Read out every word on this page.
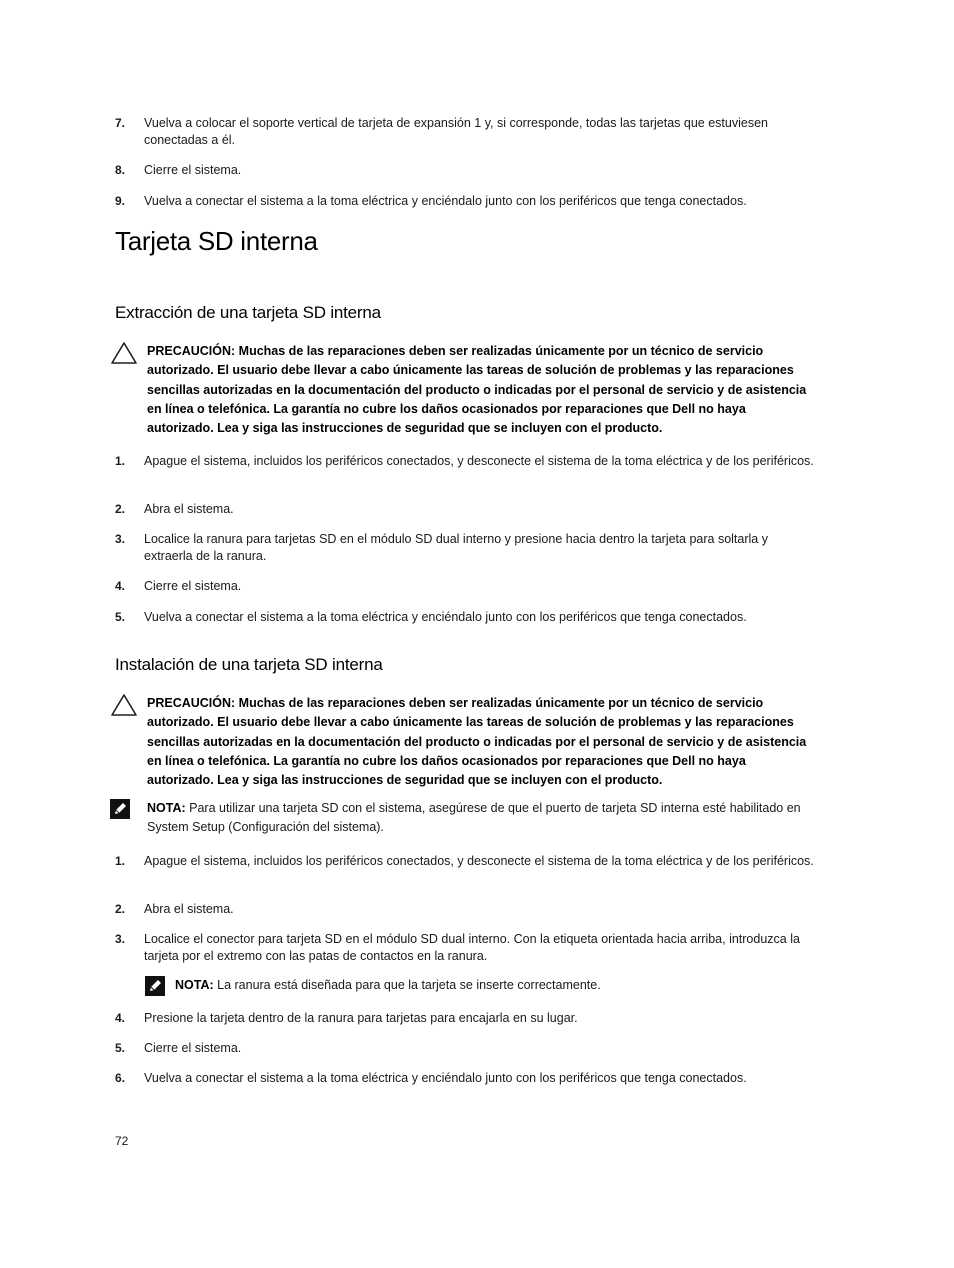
7. Vuelva a colocar el soporte vertical de tarjeta de expansión 1 y, si corresponde, todas las tarjetas que estuviesen conectadas a él.
8. Cierre el sistema.
9. Vuelva a conectar el sistema a la toma eléctrica y enciéndalo junto con los periféricos que tenga conectados.
Tarjeta SD interna
Extracción de una tarjeta SD interna
PRECAUCIÓN: Muchas de las reparaciones deben ser realizadas únicamente por un técnico de servicio autorizado. El usuario debe llevar a cabo únicamente las tareas de solución de problemas y las reparaciones sencillas autorizadas en la documentación del producto o indicadas por el personal de servicio y de asistencia en línea o telefónica. La garantía no cubre los daños ocasionados por reparaciones que Dell no haya autorizado. Lea y siga las instrucciones de seguridad que se incluyen con el producto.
1. Apague el sistema, incluidos los periféricos conectados, y desconecte el sistema de la toma eléctrica y de los periféricos.
2. Abra el sistema.
3. Localice la ranura para tarjetas SD en el módulo SD dual interno y presione hacia dentro la tarjeta para soltarla y extraerla de la ranura.
4. Cierre el sistema.
5. Vuelva a conectar el sistema a la toma eléctrica y enciéndalo junto con los periféricos que tenga conectados.
Instalación de una tarjeta SD interna
PRECAUCIÓN: Muchas de las reparaciones deben ser realizadas únicamente por un técnico de servicio autorizado. El usuario debe llevar a cabo únicamente las tareas de solución de problemas y las reparaciones sencillas autorizadas en la documentación del producto o indicadas por el personal de servicio y de asistencia en línea o telefónica. La garantía no cubre los daños ocasionados por reparaciones que Dell no haya autorizado. Lea y siga las instrucciones de seguridad que se incluyen con el producto.
NOTA: Para utilizar una tarjeta SD con el sistema, asegúrese de que el puerto de tarjeta SD interna esté habilitado en System Setup (Configuración del sistema).
1. Apague el sistema, incluidos los periféricos conectados, y desconecte el sistema de la toma eléctrica y de los periféricos.
2. Abra el sistema.
3. Localice el conector para tarjeta SD en el módulo SD dual interno. Con la etiqueta orientada hacia arriba, introduzca la tarjeta por el extremo con las patas de contactos en la ranura.
NOTA: La ranura está diseñada para que la tarjeta se inserte correctamente.
4. Presione la tarjeta dentro de la ranura para tarjetas para encajarla en su lugar.
5. Cierre el sistema.
6. Vuelva a conectar el sistema a la toma eléctrica y enciéndalo junto con los periféricos que tenga conectados.
72
